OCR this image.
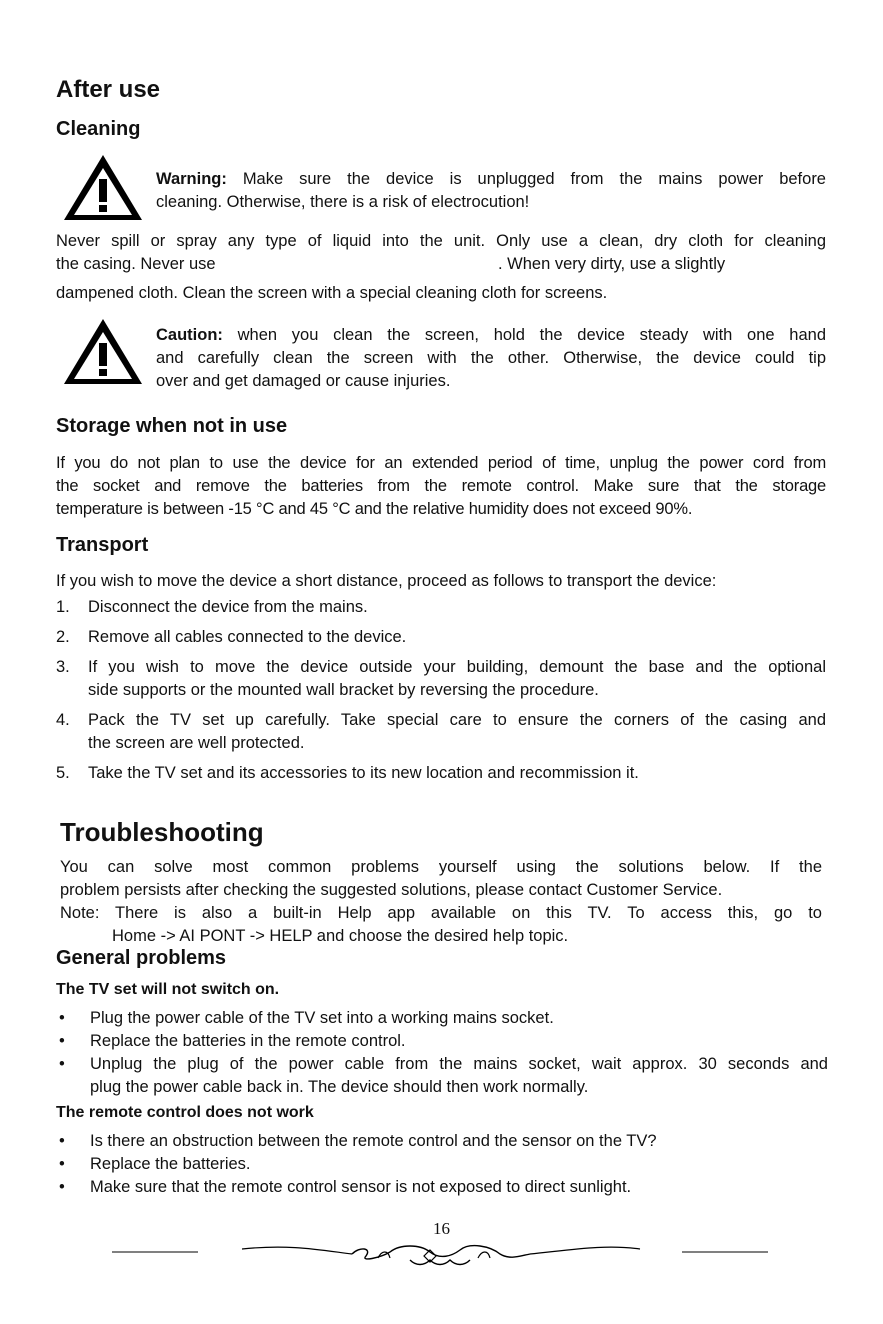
After use
Cleaning
Warning: Make sure the device is unplugged from the mains power before
cleaning. Otherwise, there is a risk of electrocution!
Never spill or spray any type of liquid into the unit. Only use a clean, dry cloth for cleaning
the casing. Never use	. When very dirty, use a slightly
dampened cloth. Clean the screen with a special cleaning cloth for screens.
Caution: when you clean the screen, hold the device steady with one hand
and carefully clean the screen with the other. Otherwise, the device could tip
over and get damaged or cause injuries.
Storage when not in use
If you do not plan to use the device for an extended period of time, unplug the power cord from
the socket and remove the batteries from the remote control. Make sure that the storage
temperature is between -15 °C and 45 °C and the relative humidity does not exceed 90%.
Transport
If you wish to move the device a short distance, proceed as follows to transport the device:
1. Disconnect the device from the mains.
2. Remove all cables connected to the device.
3. If you wish to move the device outside your building, demount the base and the optional
side supports or the mounted wall bracket by reversing the procedure.
4. Pack the TV set up carefully. Take special care to ensure the corners of the casing and
the screen are well protected.
5. Take the TV set and its accessories to its new location and recommission it.
Troubleshooting
You can solve most common problems yourself using the solutions below. If the
problem persists after checking the suggested solutions, please contact Customer Service.
Note: There is also a built-in Help app available on this TV. To access this, go to
Home -> AI PONT -> HELP and choose the desired help topic.
General problems
The TV set will not switch on.
• Plug the power cable of the TV set into a working mains socket.
• Replace the batteries in the remote control.
• Unplug the plug of the power cable from the mains socket, wait approx. 30 seconds and
plug the power cable back in. The device should then work normally.
The remote control does not work
• Is there an obstruction between the remote control and the sensor on the TV?
• Replace the batteries.
• Make sure that the remote control sensor is not exposed to direct sunlight.
16
